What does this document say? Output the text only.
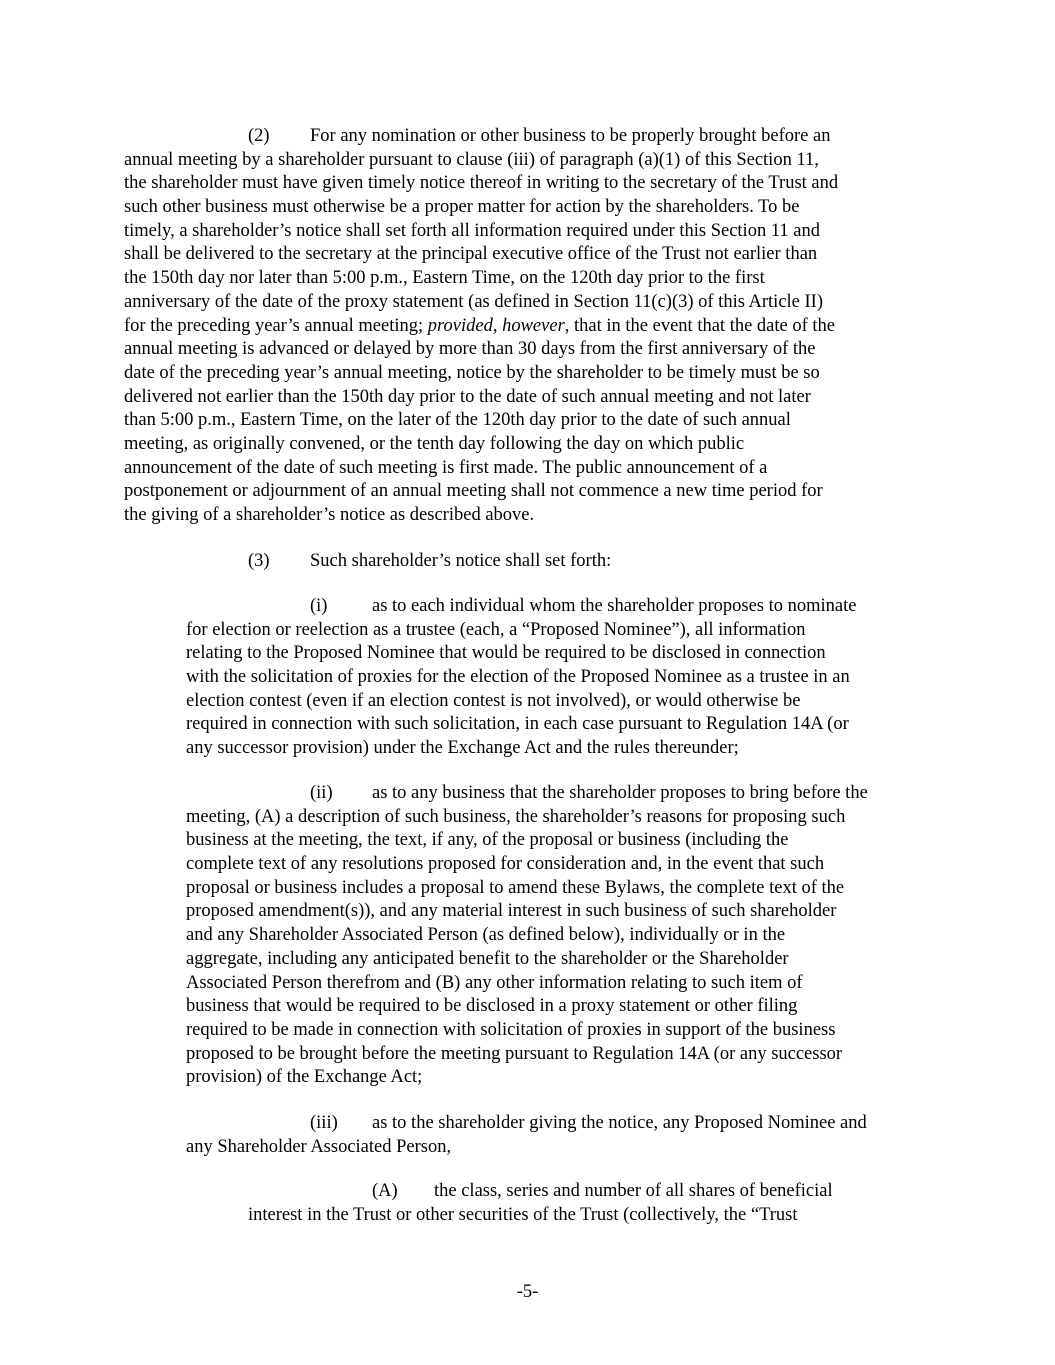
(2) For any nomination or other business to be properly brought before an
annual meeting by a shareholder pursuant to clause (iii) of paragraph (a)(1) of this Section 11,
the shareholder must have given timely notice thereof in writing to the secretary of the Trust and
such other business must otherwise be a proper matter for action by the shareholders. To be
timely, a shareholder’s notice shall set forth all information required under this Section 11 and
shall be delivered to the secretary at the principal executive office of the Trust not earlier than
the 150th day nor later than 5:00 p.m., Eastern Time, on the 120th day prior to the first
anniversary of the date of the proxy statement (as defined in Section 11(c)(3) of this Article II)
for the preceding year’s annual meeting; provided, however, that in the event that the date of the
annual meeting is advanced or delayed by more than 30 days from the first anniversary of the
date of the preceding year’s annual meeting, notice by the shareholder to be timely must be so
delivered not earlier than the 150th day prior to the date of such annual meeting and not later
than 5:00 p.m., Eastern Time, on the later of the 120th day prior to the date of such annual
meeting, as originally convened, or the tenth day following the day on which public
announcement of the date of such meeting is first made. The public announcement of a
postponement or adjournment of an annual meeting shall not commence a new time period for
the giving of a shareholder’s notice as described above.
(3) Such shareholder’s notice shall set forth:
(i) as to each individual whom the shareholder proposes to nominate
for election or reelection as a trustee (each, a “Proposed Nominee”), all information
relating to the Proposed Nominee that would be required to be disclosed in connection
with the solicitation of proxies for the election of the Proposed Nominee as a trustee in an
election contest (even if an election contest is not involved), or would otherwise be
required in connection with such solicitation, in each case pursuant to Regulation 14A (or
any successor provision) under the Exchange Act and the rules thereunder;
(ii) as to any business that the shareholder proposes to bring before the
meeting, (A) a description of such business, the shareholder’s reasons for proposing such
business at the meeting, the text, if any, of the proposal or business (including the
complete text of any resolutions proposed for consideration and, in the event that such
proposal or business includes a proposal to amend these Bylaws, the complete text of the
proposed amendment(s)), and any material interest in such business of such shareholder
and any Shareholder Associated Person (as defined below), individually or in the
aggregate, including any anticipated benefit to the shareholder or the Shareholder
Associated Person therefrom and (B) any other information relating to such item of
business that would be required to be disclosed in a proxy statement or other filing
required to be made in connection with solicitation of proxies in support of the business
proposed to be brought before the meeting pursuant to Regulation 14A (or any successor
provision) of the Exchange Act;
(iii) as to the shareholder giving the notice, any Proposed Nominee and
any Shareholder Associated Person,
(A) the class, series and number of all shares of beneficial
interest in the Trust or other securities of the Trust (collectively, the “Trust
-5-
